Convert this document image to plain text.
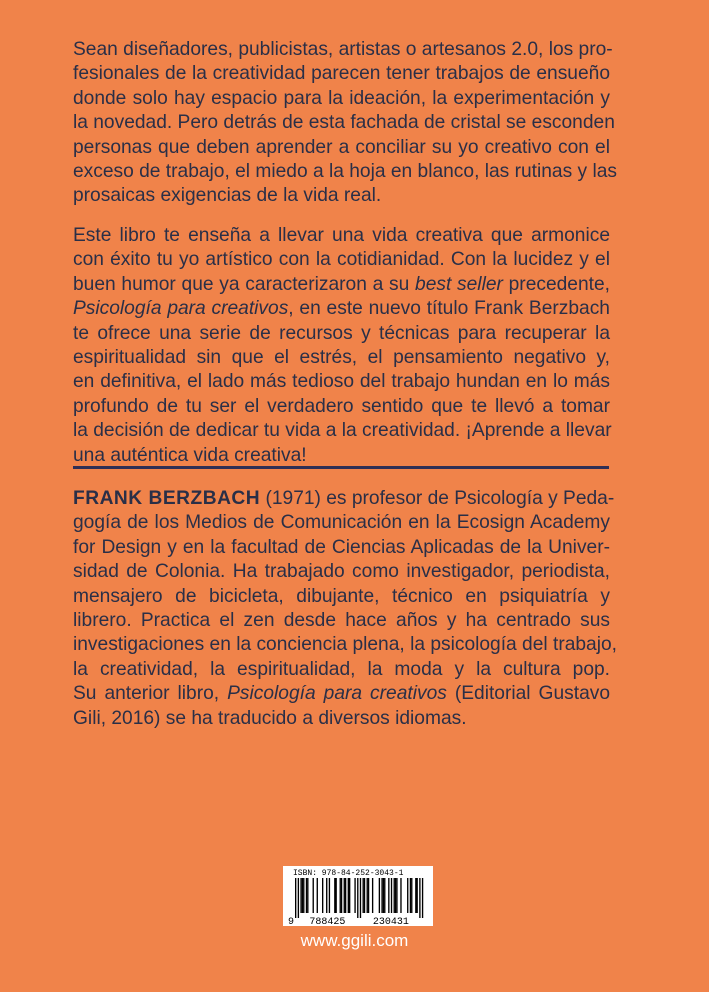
Sean diseñadores, publicistas, artistas o artesanos 2.0, los pro-
fesionales de la creatividad parecen tener trabajos de ensueño
donde solo hay espacio para la ideación, la experimentación y
la novedad. Pero detrás de esta fachada de cristal se esconden
personas que deben aprender a conciliar su yo creativo con el
exceso de trabajo, el miedo a la hoja en blanco, las rutinas y las
prosaicas exigencias de la vida real.

Este libro te enseña a llevar una vida creativa que armonice
con éxito tu yo artístico con la cotidianidad. Con la lucidez y el
buen humor que ya caracterizaron a su best seller precedente,
Psicología para creativos, en este nuevo título Frank Berzbach
te ofrece una serie de recursos y técnicas para recuperar la
espiritualidad sin que el estrés, el pensamiento negativo y,
en definitiva, el lado más tedioso del trabajo hundan en lo más
profundo de tu ser el verdadero sentido que te llevó a tomar
la decisión de dedicar tu vida a la creatividad. ¡Aprende a llevar
una auténtica vida creativa!

FRANK BERZBACH (1971) es profesor de Psicología y Peda-
gogía de los Medios de Comunicación en la Ecosign Academy
for Design y en la facultad de Ciencias Aplicadas de la Univer-
sidad de Colonia. Ha trabajado como investigador, periodista,
mensajero de bicicleta, dibujante, técnico en psiquiatría y
librero. Practica el zen desde hace años y ha centrado sus
investigaciones en la conciencia plena, la psicología del trabajo,
la creatividad, la espiritualidad, la moda y la cultura pop.
Su anterior libro, Psicología para creativos (Editorial Gustavo
Gili, 2016) se ha traducido a diversos idiomas.

ISBN: 978-84-252-3043-1
9 788425	230431
www.ggili.com
